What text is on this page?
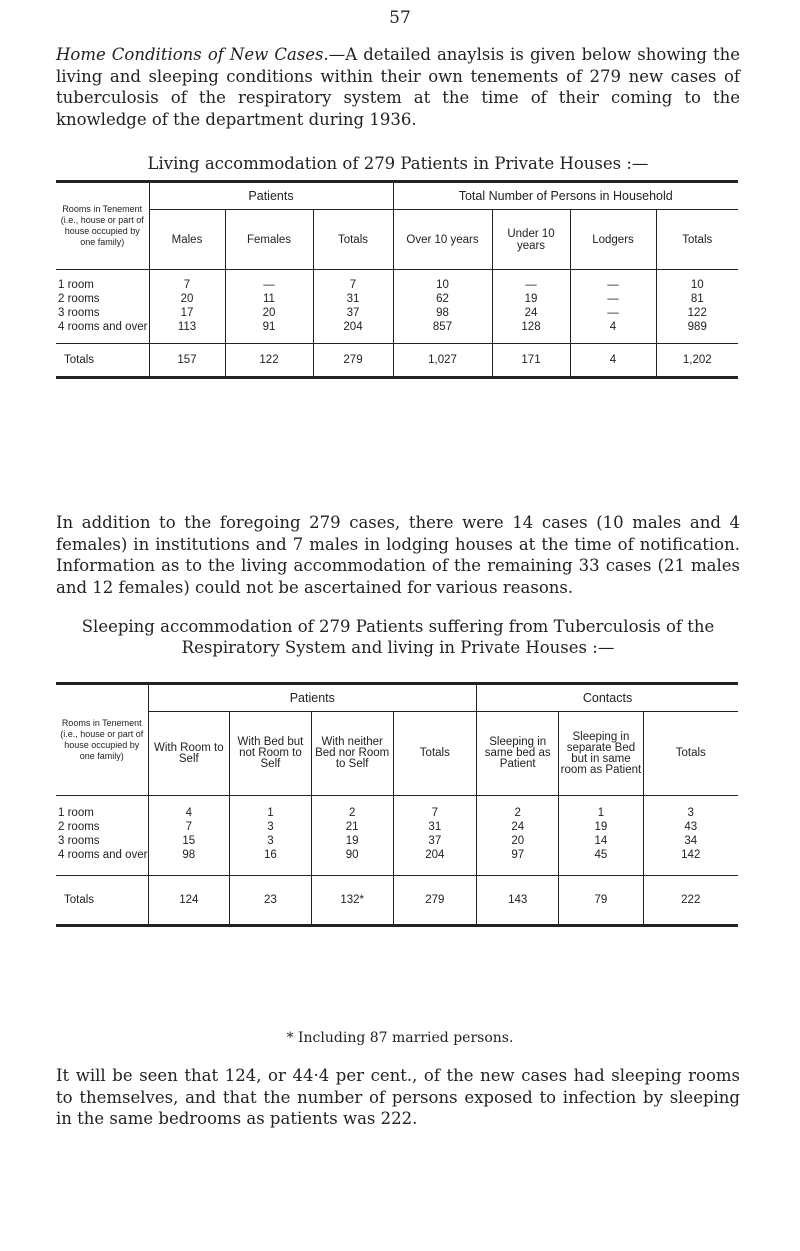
57

Home Conditions of New Cases.—A detailed anaylsis is given below showing the living and sleeping conditions within their own tenements of 279 new cases of tuberculosis of the respiratory system at the time of their coming to the knowledge of the department during 1936.

Living accommodation of 279 Patients in Private Houses :—
Rooms in Tenement (i.e., house or part of house occupied by one family)	Patients			Total Number of Persons in Household			
	Males	Females	Totals	Over 10 years	Under 10 years	Lodgers	Totals

1 room	7	—	7	10	—	—	10
2 rooms	20	11	31	62	19	—	81
3 rooms	17	20	37	98	24	—	122
4 rooms and over	113	91	204	857	128	4	989

Totals	157	122	279	1,027	171	4	1,202

In addition to the foregoing 279 cases, there were 14 cases (10 males and 4 females) in institutions and 7 males in lodging houses at the time of notification. Information as to the living accommodation of the remaining 33 cases (21 males and 12 females) could not be ascertained for various reasons.

Sleeping accommodation of 279 Patients suffering from Tuberculosis of the
Respiratory System and living in Private Houses :—
Rooms in Tenement (i.e., house or part of house occupied by one family)	Patients				Contacts		
	With Room to Self	With Bed but not Room to Self	With neither Bed nor Room to Self	Totals	Sleeping in same bed as Patient	Sleeping in separate Bed but in same room as Patient	Totals

1 room	4	1	2	7	2	1	3
2 rooms	7	3	21	31	24	19	43
3 rooms	15	3	19	37	20	14	34
4 rooms and over	98	16	90	204	97	45	142

Totals	124	23	132*	279	143	79	222
* Including 87 married persons.

It will be seen that 124, or 44·4 per cent., of the new cases had sleeping rooms to themselves, and that the number of persons exposed to infection by sleeping in the same bedrooms as patients was 222.
